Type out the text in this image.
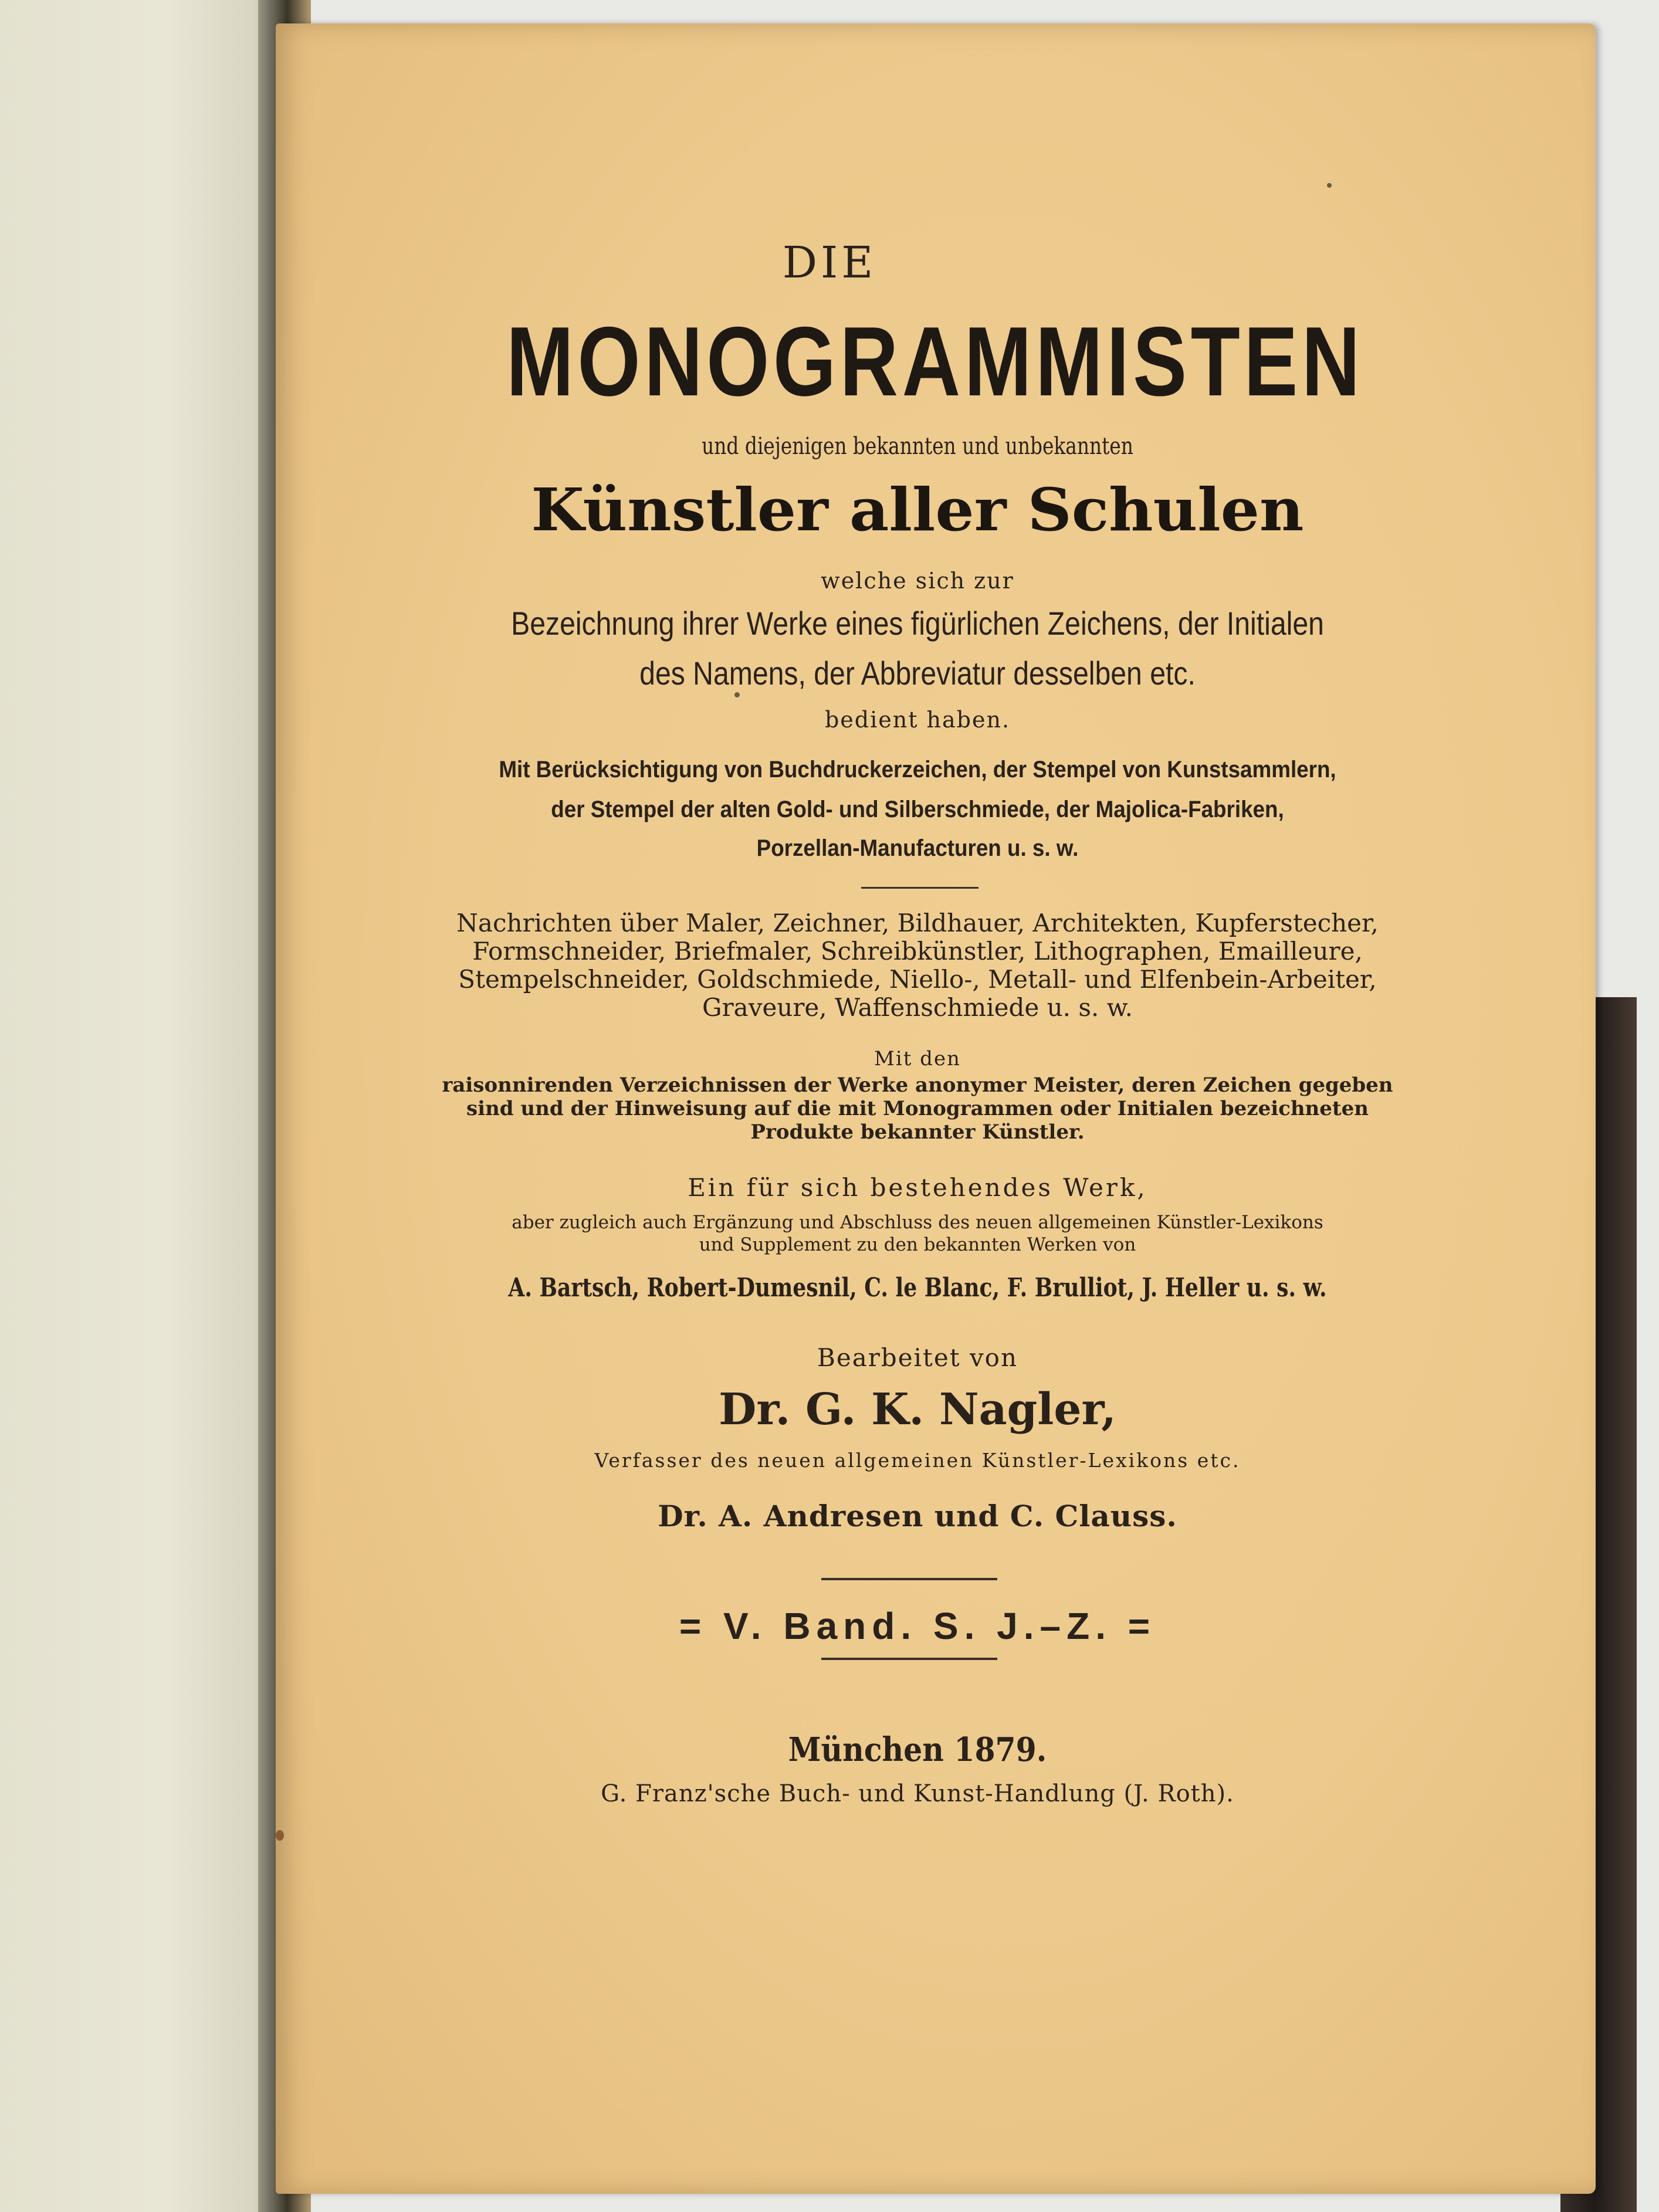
DIE
MONOGRAMMISTEN
und diejenigen bekannten und unbekannten
Künstler aller Schulen
welche sich zur
Bezeichnung ihrer Werke eines figürlichen Zeichens, der Initialen
des Namens, der Abbreviatur desselben etc.
bedient haben.
Mit Berücksichtigung von Buchdruckerzeichen, der Stempel von Kunstsammlern,
der Stempel der alten Gold- und Silberschmiede, der Majolica-Fabriken,
Porzellan-Manufacturen u. s. w.
Nachrichten über Maler, Zeichner, Bildhauer, Architekten, Kupferstecher,
Formschneider, Briefmaler, Schreibkünstler, Lithographen, Emailleure,
Stempelschneider, Goldschmiede, Niello-, Metall- und Elfenbein-Arbeiter,
Graveure, Waffenschmiede u. s. w.
Mit den
raisonnirenden Verzeichnissen der Werke anonymer Meister, deren Zeichen gegeben
sind und der Hinweisung auf die mit Monogrammen oder Initialen bezeichneten
Produkte bekannter Künstler.
Ein für sich bestehendes Werk,
aber zugleich auch Ergänzung und Abschluss des neuen allgemeinen Künstler-Lexikons
und Supplement zu den bekannten Werken von
A. Bartsch, Robert-Dumesnil, C. le Blanc, F. Brulliot, J. Heller u. s. w.
Bearbeitet von
Dr. G. K. Nagler,
Verfasser des neuen allgemeinen Künstler-Lexikons etc.
Dr. A. Andresen und C. Clauss.
= V. Band. S. J.–Z. =
München 1879.
G. Franz'sche Buch- und Kunst-Handlung (J. Roth).
